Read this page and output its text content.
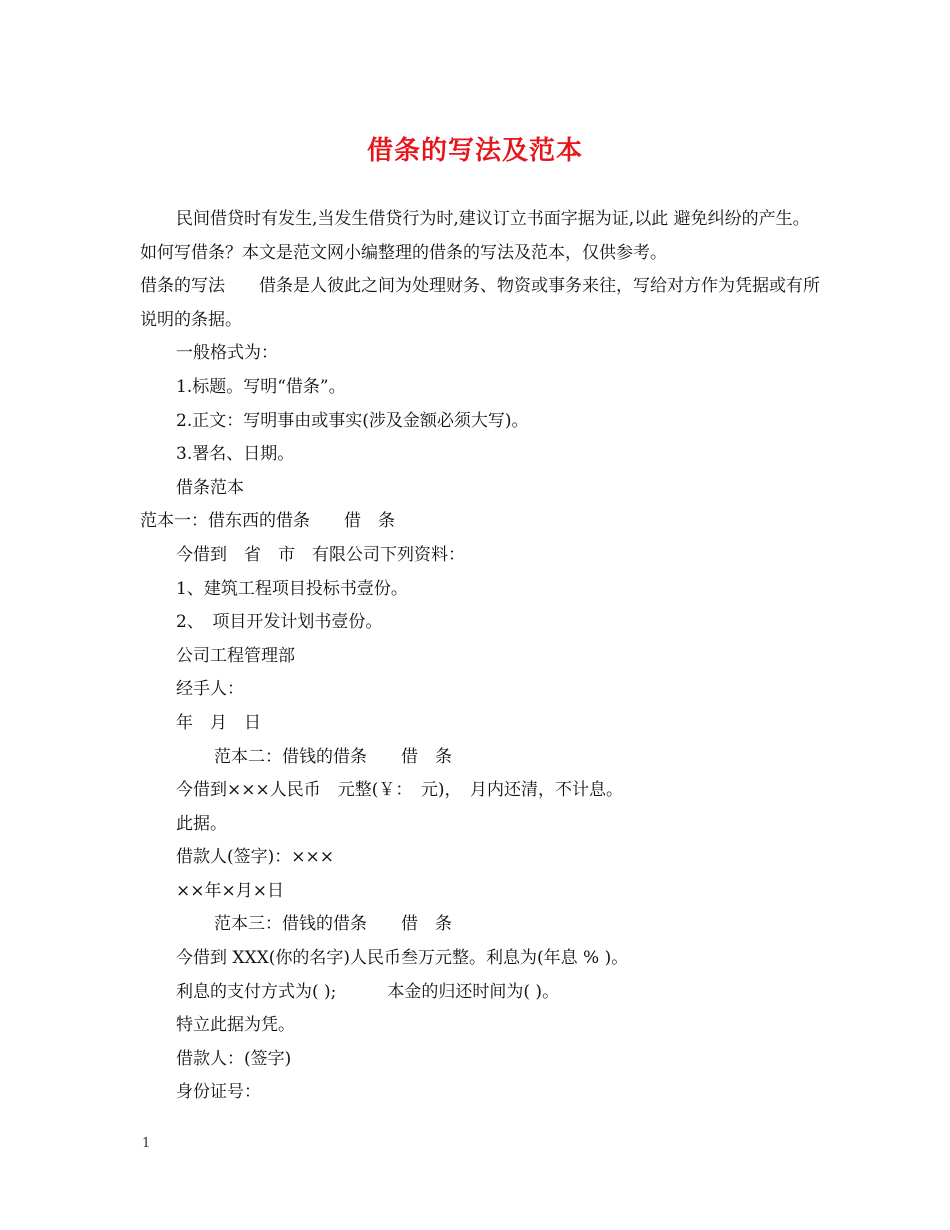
借条的写法及范本

民间借贷时有发生,当发生借贷行为时,建议订立书面字据为证,以此 避免纠纷的产生。如何写借条？本文是范文网小编整理的借条的写法及范本，仅供参考。

借条的写法　　借条是人彼此之间为处理财务、物资或事务来往，写给对方作为凭据或有所说明的条据。

一般格式为：

1.标题。写明“借条”。

2.正文：写明事由或事实(涉及金额必须大写)。

3.署名、日期。

借条范本

范本一：借东西的借条　　借　条

今借到　省　市　有限公司下列资料：

1、建筑工程项目投标书壹份。

2、　项目开发计划书壹份。

公司工程管理部

经手人：

年　月　日

范本二：借钱的借条　　借　条

今借到×××人民币　元整(￥：　元)，　月内还清，不计息。

此据。

借款人(签字)：×××

××年×月×日

范本三：借钱的借条　　借　条

今借到 XXX(你的名字)人民币叁万元整。利息为(年息 % )。

利息的支付方式为( );　　　本金的归还时间为( )。

特立此据为凭。

借款人：(签字)

身份证号：

1
